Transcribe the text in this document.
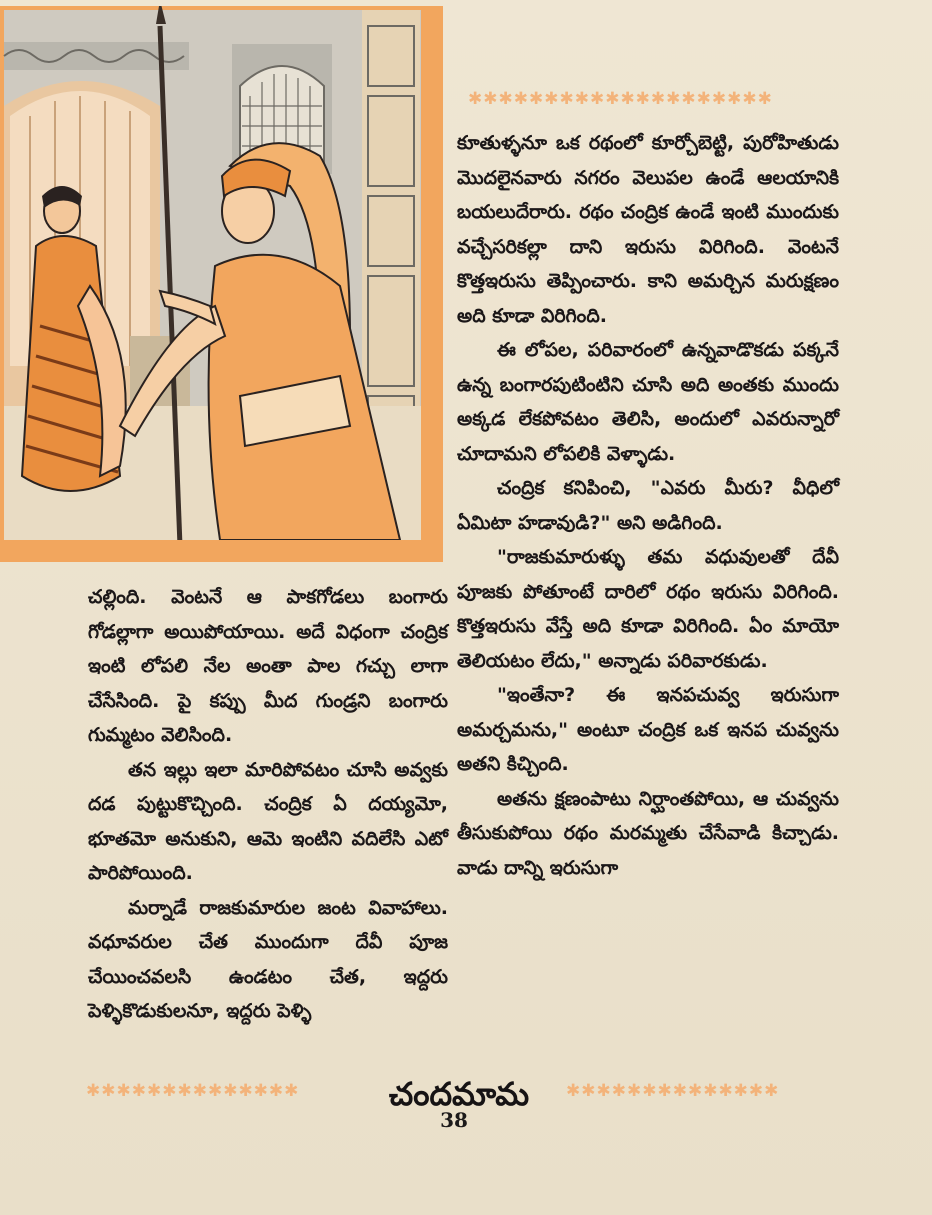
✱✱✱✱✱✱✱✱✱✱✱✱✱✱✱✱✱✱✱✱

కూతుళ్ళనూ ఒక రథంలో కూర్చోబెట్టి, పురోహితుడు మొదలైనవారు నగరం వెలుపల ఉండే ఆలయానికి బయలుదేరారు. రథం చంద్రిక ఉండే ఇంటి ముందుకు వచ్చేసరికల్లా దాని ఇరుసు విరిగింది. వెంటనే కొత్తఇరుసు తెప్పించారు. కాని అమర్చిన మరుక్షణం అది కూడా విరిగింది.

ఈ లోపల, పరివారంలో ఉన్నవాడొకడు పక్కనే ఉన్న బంగారపుటింటిని చూసి అది అంతకు ముందు అక్కడ లేకపోవటం తెలిసి, అందులో ఎవరున్నారో చూదామని లోపలికి వెళ్ళాడు.

చంద్రిక కనిపించి, "ఎవరు మీరు? వీధిలో ఏమిటా హడావుడి?" అని అడిగింది.

"రాజకుమారుళ్ళు తమ వధువులతో దేవీ పూజకు పోతూంటే దారిలో రథం ఇరుసు విరిగింది. కొత్తఇరుసు వేస్తే అది కూడా విరిగింది. ఏం మాయో తెలియటం లేదు," అన్నాడు పరివారకుడు.

"ఇంతేనా? ఈ ఇనపచువ్వ ఇరుసుగా అమర్చమను," అంటూ చంద్రిక ఒక ఇనప చువ్వను అతని కిచ్చింది.

అతను క్షణంపాటు నిర్ఘాంతపోయి, ఆ చువ్వను తీసుకుపోయి రథం మరమ్మతు చేసేవాడి కిచ్చాడు. వాడు దాన్ని ఇరుసుగా

చల్లింది. వెంటనే ఆ పాకగోడలు బంగారు గోడల్లాగా అయిపోయాయి. అదే విధంగా చంద్రిక ఇంటి లోపలి నేల అంతా పాల గచ్చు లాగా చేసేసింది. పై కప్పు మీద గుండ్రని బంగారు గుమ్మటం వెలిసింది.

తన ఇల్లు ఇలా మారిపోవటం చూసి అవ్వకు దడ పుట్టుకొచ్చింది. చంద్రిక ఏ దయ్యమో, భూతమో అనుకుని, ఆమె ఇంటిని వదిలేసి ఎటో పారిపోయింది.

మర్నాడే రాజకుమారుల జంట వివాహాలు. వధూవరుల చేత ముందుగా దేవీ పూజ చేయించవలసి ఉండటం చేత, ఇద్దరు పెళ్ళికొడుకులనూ, ఇద్దరు పెళ్ళి

✱✱✱✱✱✱✱✱✱✱✱✱✱✱	చందమామ	✱✱✱✱✱✱✱✱✱✱✱✱✱✱
38
